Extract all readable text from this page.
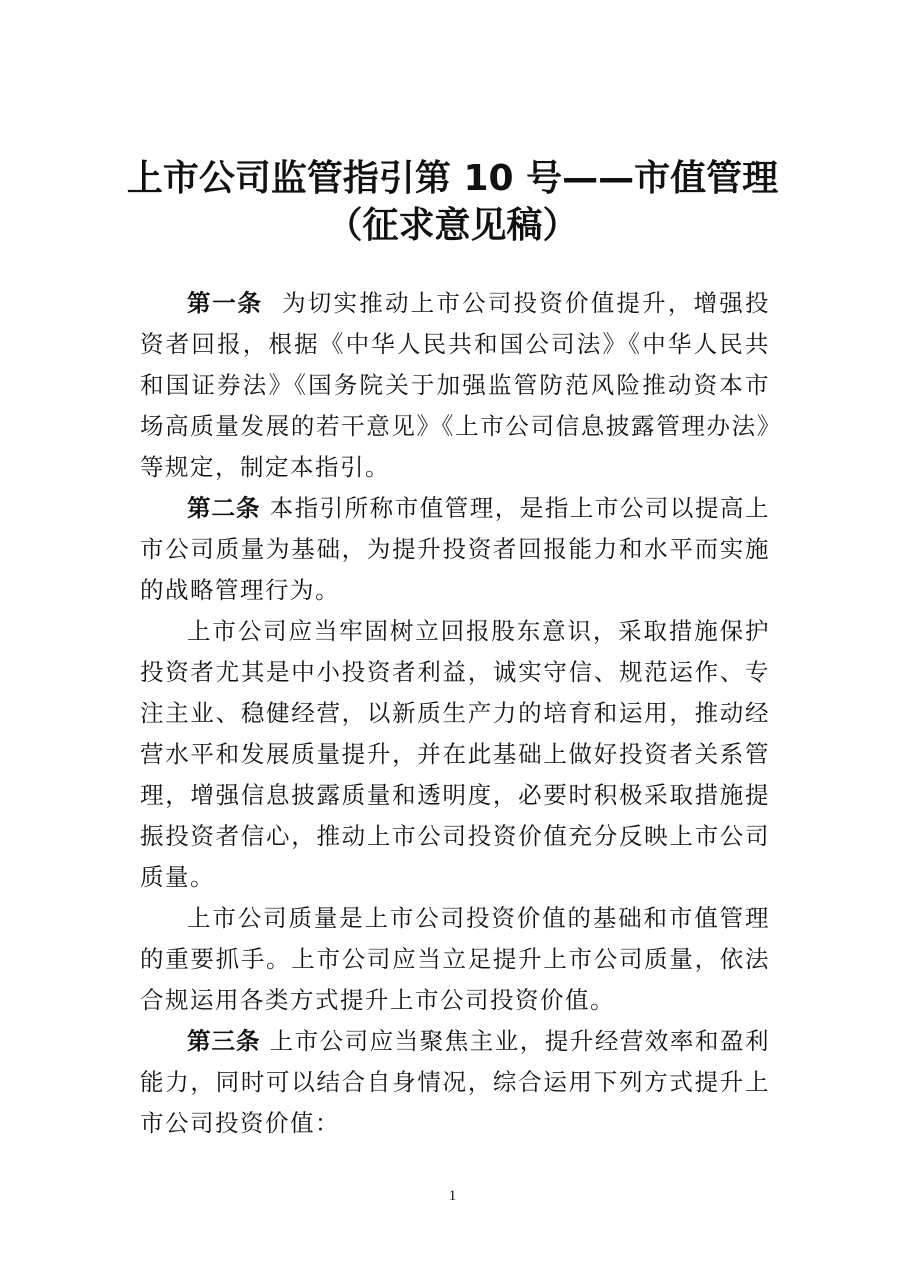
上市公司监管指引第 10 号——市值管理
（征求意见稿）

第一条 为切实推动上市公司投资价值提升，增强投资者回报，根据《中华人民共和国公司法》《中华人民共和国证券法》《国务院关于加强监管防范风险推动资本市场高质量发展的若干意见》《上市公司信息披露管理办法》等规定，制定本指引。

第二条 本指引所称市值管理，是指上市公司以提高上市公司质量为基础，为提升投资者回报能力和水平而实施的战略管理行为。

上市公司应当牢固树立回报股东意识，采取措施保护投资者尤其是中小投资者利益，诚实守信、规范运作、专注主业、稳健经营，以新质生产力的培育和运用，推动经营水平和发展质量提升，并在此基础上做好投资者关系管理，增强信息披露质量和透明度，必要时积极采取措施提振投资者信心，推动上市公司投资价值充分反映上市公司质量。

上市公司质量是上市公司投资价值的基础和市值管理的重要抓手。上市公司应当立足提升上市公司质量，依法合规运用各类方式提升上市公司投资价值。

第三条 上市公司应当聚焦主业，提升经营效率和盈利能力，同时可以结合自身情况，综合运用下列方式提升上市公司投资价值：

1
